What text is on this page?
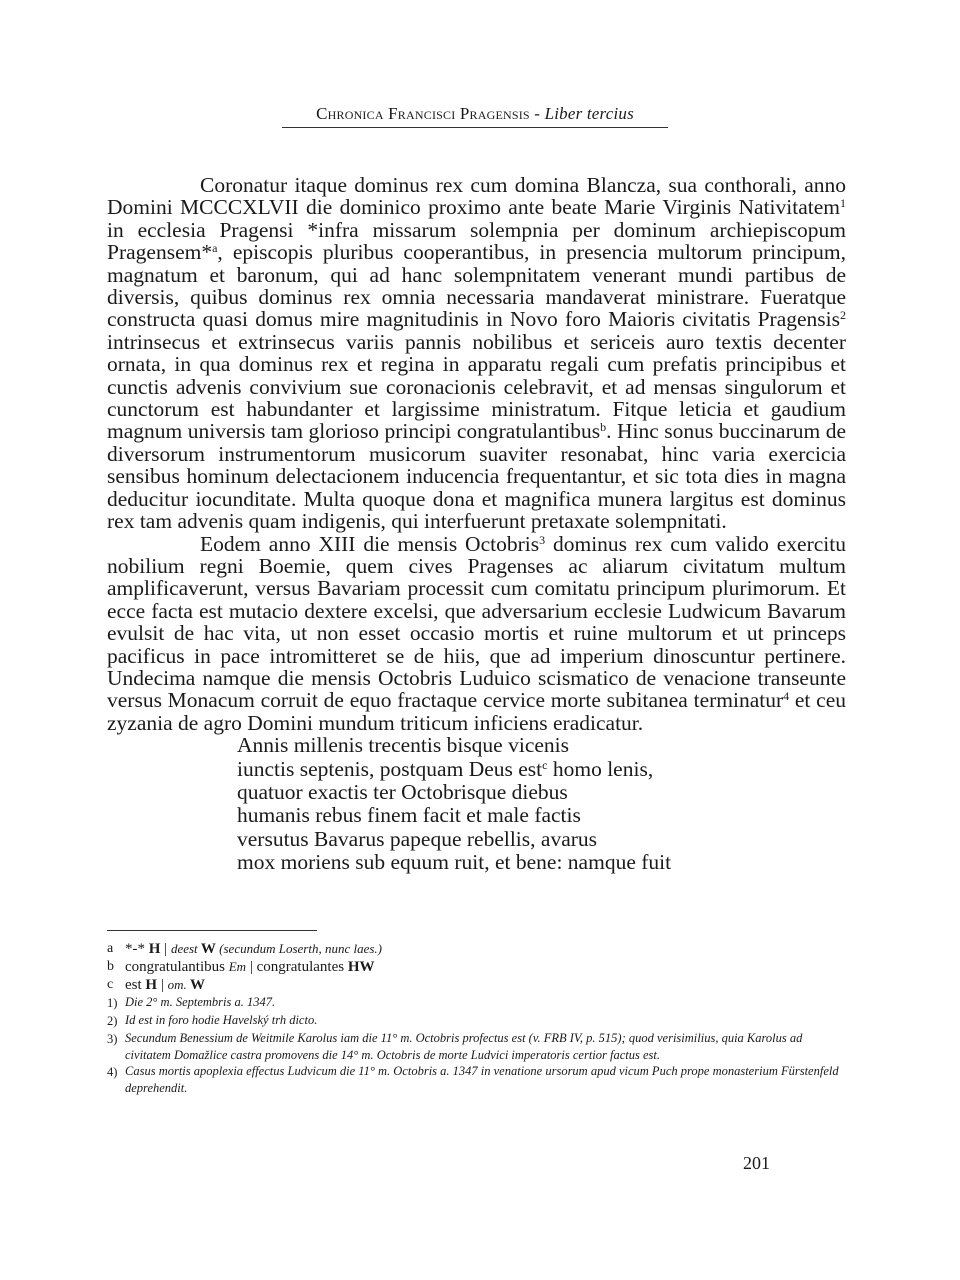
Chronica Francisci Pragensis - Liber tercius

Coronatur itaque dominus rex cum domina Blancza, sua conthorali, anno Domini MCCCXLVII die dominico proximo ante beate Marie Virginis Nativitatem$^1$ in ecclesia Pragensi *infra missarum solempnia per dominum archiepiscopum Pragensem*$^a$, episcopis pluribus cooperantibus, in presencia multorum principum, magnatum et baronum, qui ad hanc solempnitatem venerant mundi partibus de diversis, quibus dominus rex omnia necessaria mandaverat ministrare. Fueratque constructa quasi domus mire magnitudinis in Novo foro Maioris civitatis Pragensis$^2$ intrinsecus et extrinsecus variis pannis nobilibus et sericeis auro textis decenter ornata, in qua dominus rex et regina in apparatu regali cum prefatis principibus et cunctis advenis convivium sue coronacionis celebravit, et ad mensas singulorum et cunctorum est habundanter et largissime ministratum. Fitque leticia et gaudium magnum universis tam glorioso principi congratulantibus$^b$. Hinc sonus buccinarum de diversorum instrumentorum musicorum suaviter resonabat, hinc varia exercicia sensibus hominum delectacionem inducencia frequentantur, et sic tota dies in magna deducitur iocunditate. Multa quoque dona et magnifica munera largitus est dominus rex tam advenis quam indigenis, qui interfuerunt pretaxate solempnitati.

Eodem anno XIII die mensis Octobris$^3$ dominus rex cum valido exercitu nobilium regni Boemie, quem cives Pragenses ac aliarum civitatum multum amplificaverunt, versus Bavariam processit cum comitatu principum plurimorum. Et ecce facta est mutacio dextere excelsi, que adversarium ecclesie Ludwicum Bavarum evulsit de hac vita, ut non esset occasio mortis et ruine multorum et ut princeps pacificus in pace intromitteret se de hiis, que ad imperium dinoscuntur pertinere. Undecima namque die mensis Octobris Luduico scismatico de venacione transeunte versus Monacum corruit de equo fractaque cervice morte subitanea terminatur$^4$ et ceu zyzania de agro Domini mundum triticum inficiens eradicatur.

Annis millenis trecentis bisque vicenis
iunctis septenis, postquam Deus est$^c$ homo lenis,
quatuor exactis ter Octobrisque diebus
humanis rebus finem facit et male factis
versutus Bavarus papeque rebellis, avarus
mox moriens sub equum ruit, et bene: namque fuit
a *-* H | deest W (secundum Loserth, nunc laes.)
b congratulantibus Em | congratulantes HW
c est H | om. W
1) Die 2° m. Septembris a. 1347.
2) Id est in foro hodie Havelský trh dicto.
3) Secundum Benessium de Weitmile Karolus iam die 11° m. Octobris profectus est (v. FRB IV, p. 515); quod verisimilius, quia Karolus ad civitatem Domažlice castra promovens die 14° m. Octobris de morte Ludvici imperatoris certior factus est.
4) Casus mortis apoplexia effectus Ludvicum die 11° m. Octobris a. 1347 in venatione ursorum apud vicum Puch prope monasterium Fürstenfeld deprehendit.
201
